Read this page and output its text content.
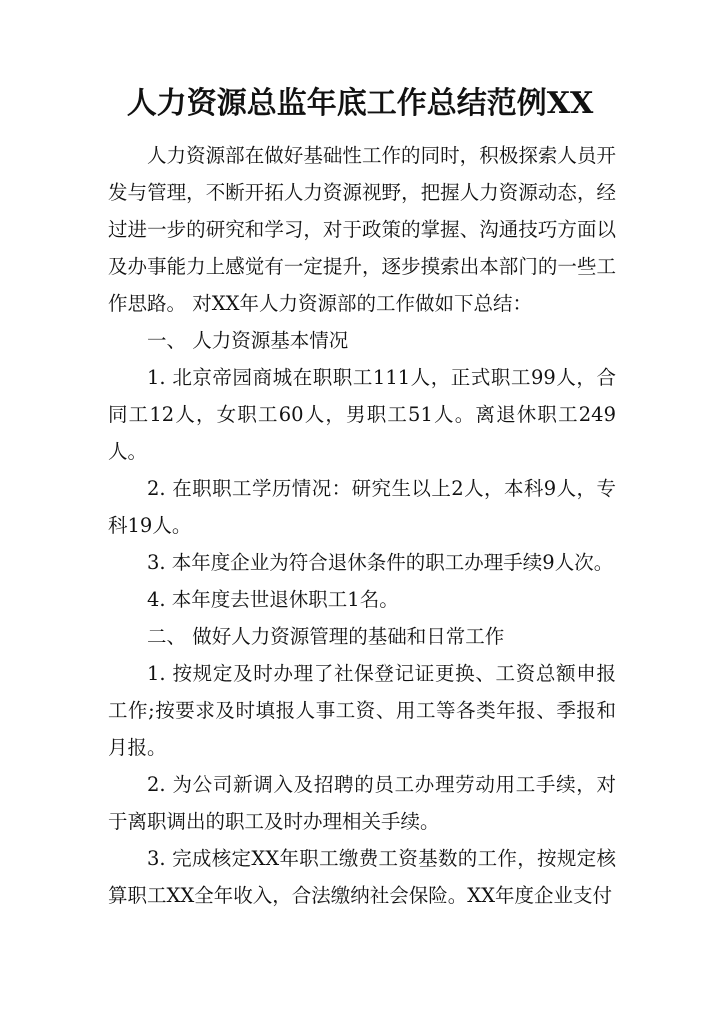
人力资源总监年底工作总结范例XX

人力资源部在做好基础性工作的同时，积极探索人员开发与管理，不断开拓人力资源视野，把握人力资源动态，经过进一步的研究和学习，对于政策的掌握、沟通技巧方面以及办事能力上感觉有一定提升，逐步摸索出本部门的一些工作思路。 对XX年人力资源部的工作做如下总结：

一、 人力资源基本情况

1. 北京帝园商城在职职工111人，正式职工99人，合同工12人，女职工60人，男职工51人。离退休职工249人。

2. 在职职工学历情况：研究生以上2人，本科9人，专科19人。

3. 本年度企业为符合退休条件的职工办理手续9人次。

4. 本年度去世退休职工1名。

二、 做好人力资源管理的基础和日常工作

1. 按规定及时办理了社保登记证更换、工资总额申报工作;按要求及时填报人事工资、用工等各类年报、季报和月报。

2. 为公司新调入及招聘的员工办理劳动用工手续，对于离职调出的职工及时办理相关手续。

3. 完成核定XX年职工缴费工资基数的工作，按规定核算职工XX全年收入，合法缴纳社会保险。XX年度企业支付
